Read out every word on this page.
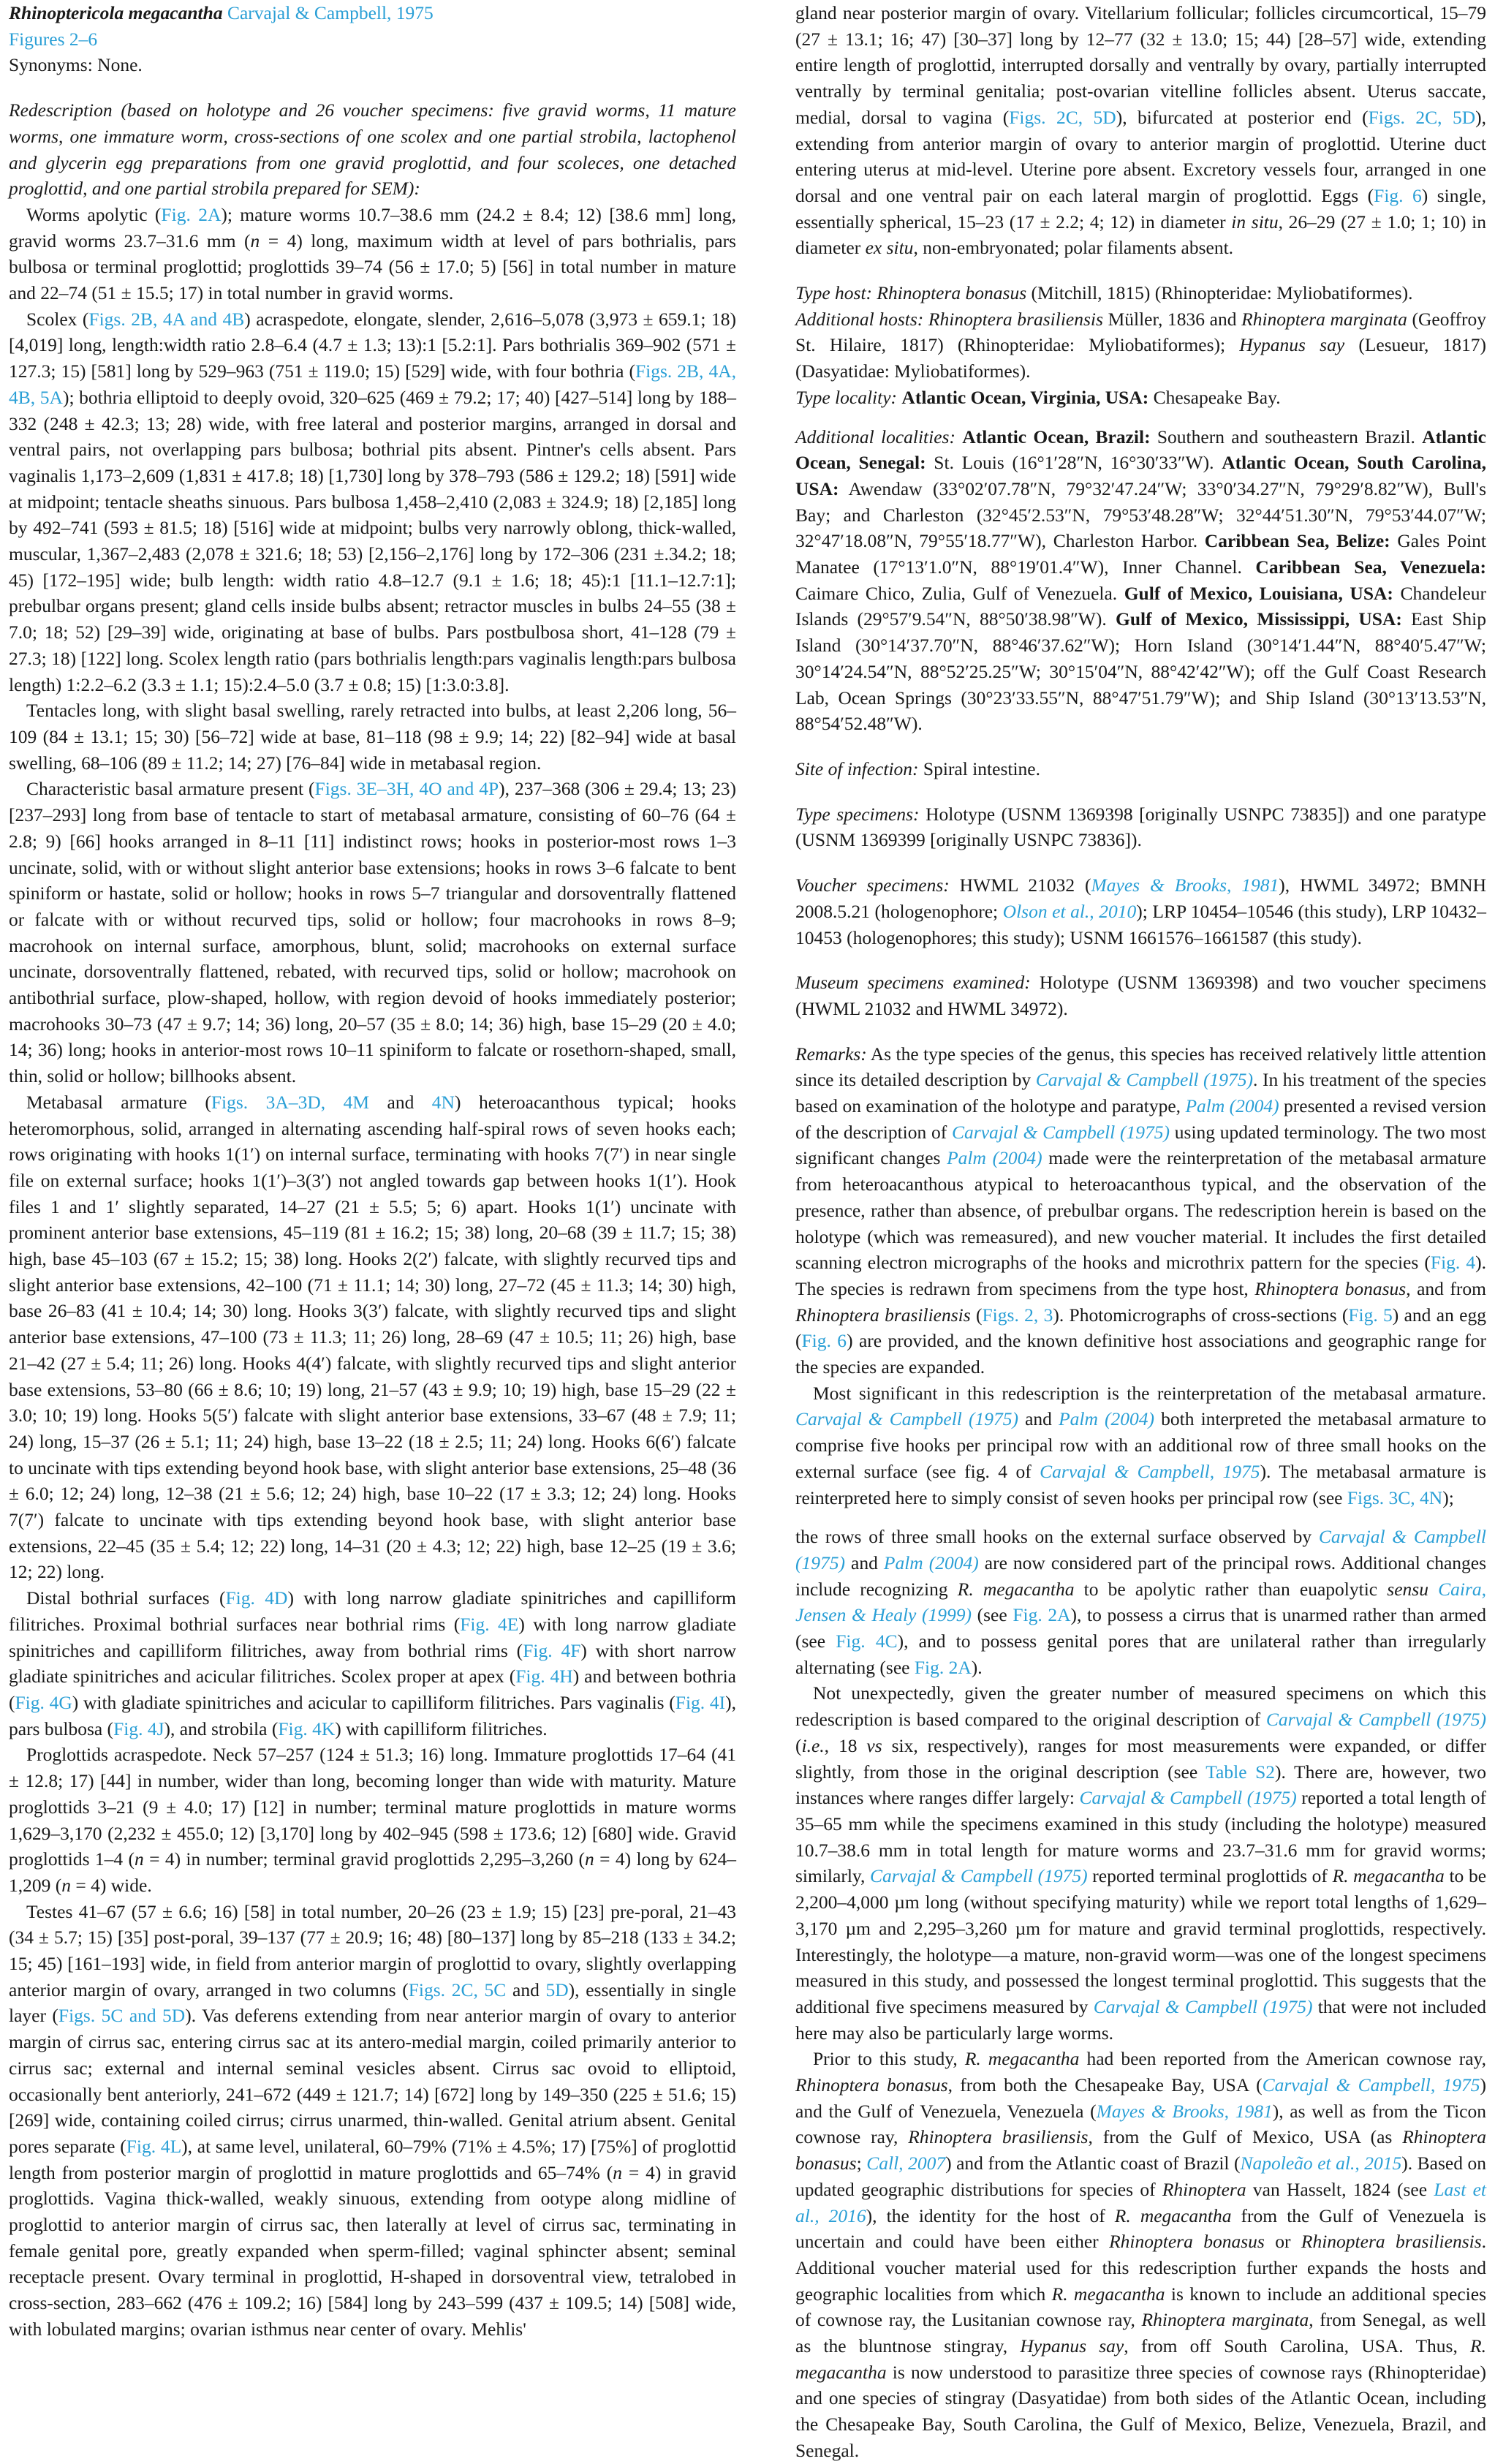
Rhinoptericola megacantha Carvajal & Campbell, 1975

Figures 2–6

Synonyms: None.

Redescription (based on holotype and 26 voucher specimens: five gravid worms, 11 mature worms, one immature worm, cross-sections of one scolex and one partial strobila, lactophenol and glycerin egg preparations from one gravid proglottid, and four scoleces, one detached proglottid, and one partial strobila prepared for SEM):

Worms apolytic (Fig. 2A); mature worms 10.7–38.6 mm (24.2 ± 8.4; 12) [38.6 mm] long, gravid worms 23.7–31.6 mm (n = 4) long, maximum width at level of pars bothrialis, pars bulbosa or terminal proglottid; proglottids 39–74 (56 ± 17.0; 5) [56] in total number in mature and 22–74 (51 ± 15.5; 17) in total number in gravid worms.

Scolex (Figs. 2B, 4A and 4B) acraspedote, elongate, slender, 2,616–5,078 (3,973 ± 659.1; 18) [4,019] long, length:width ratio 2.8–6.4 (4.7 ± 1.3; 13):1 [5.2:1]. Pars bothrialis 369–902 (571 ± 127.3; 15) [581] long by 529–963 (751 ± 119.0; 15) [529] wide, with four bothria (Figs. 2B, 4A, 4B, 5A); bothria elliptoid to deeply ovoid, 320–625 (469 ± 79.2; 17; 40) [427–514] long by 188–332 (248 ± 42.3; 13; 28) wide, with free lateral and posterior margins, arranged in dorsal and ventral pairs, not overlapping pars bulbosa; bothrial pits absent. Pintner's cells absent. Pars vaginalis 1,173–2,609 (1,831 ± 417.8; 18) [1,730] long by 378–793 (586 ± 129.2; 18) [591] wide at midpoint; tentacle sheaths sinuous. Pars bulbosa 1,458–2,410 (2,083 ± 324.9; 18) [2,185] long by 492–741 (593 ± 81.5; 18) [516] wide at midpoint; bulbs very narrowly oblong, thick-walled, muscular, 1,367–2,483 (2,078 ± 321.6; 18; 53) [2,156–2,176] long by 172–306 (231 ±.34.2; 18; 45) [172–195] wide; bulb length: width ratio 4.8–12.7 (9.1 ± 1.6; 18; 45):1 [11.1–12.7:1]; prebulbar organs present; gland cells inside bulbs absent; retractor muscles in bulbs 24–55 (38 ± 7.0; 18; 52) [29–39] wide, originating at base of bulbs. Pars postbulbosa short, 41–128 (79 ± 27.3; 18) [122] long. Scolex length ratio (pars bothrialis length:pars vaginalis length:pars bulbosa length) 1:2.2–6.2 (3.3 ± 1.1; 15):2.4–5.0 (3.7 ± 0.8; 15) [1:3.0:3.8].

Tentacles long, with slight basal swelling, rarely retracted into bulbs, at least 2,206 long, 56–109 (84 ± 13.1; 15; 30) [56–72] wide at base, 81–118 (98 ± 9.9; 14; 22) [82–94] wide at basal swelling, 68–106 (89 ± 11.2; 14; 27) [76–84] wide in metabasal region.

Characteristic basal armature present (Figs. 3E–3H, 4O and 4P), 237–368 (306 ± 29.4; 13; 23) [237–293] long from base of tentacle to start of metabasal armature, consisting of 60–76 (64 ± 2.8; 9) [66] hooks arranged in 8–11 [11] indistinct rows; hooks in posterior-most rows 1–3 uncinate, solid, with or without slight anterior base extensions; hooks in rows 3–6 falcate to bent spiniform or hastate, solid or hollow; hooks in rows 5–7 triangular and dorsoventrally flattened or falcate with or without recurved tips, solid or hollow; four macrohooks in rows 8–9; macrohook on internal surface, amorphous, blunt, solid; macrohooks on external surface uncinate, dorsoventrally flattened, rebated, with recurved tips, solid or hollow; macrohook on antibothrial surface, plow-shaped, hollow, with region devoid of hooks immediately posterior; macrohooks 30–73 (47 ± 9.7; 14; 36) long, 20–57 (35 ± 8.0; 14; 36) high, base 15–29 (20 ± 4.0; 14; 36) long; hooks in anterior-most rows 10–11 spiniform to falcate or rosethorn-shaped, small, thin, solid or hollow; billhooks absent.

Metabasal armature (Figs. 3A–3D, 4M and 4N) heteroacanthous typical; hooks heteromorphous, solid, arranged in alternating ascending half-spiral rows of seven hooks each; rows originating with hooks 1(1′) on internal surface, terminating with hooks 7(7′) in near single file on external surface; hooks 1(1′)–3(3′) not angled towards gap between hooks 1(1′). Hook files 1 and 1′ slightly separated, 14–27 (21 ± 5.5; 5; 6) apart. Hooks 1(1′) uncinate with prominent anterior base extensions, 45–119 (81 ± 16.2; 15; 38) long, 20–68 (39 ± 11.7; 15; 38) high, base 45–103 (67 ± 15.2; 15; 38) long. Hooks 2(2′) falcate, with slightly recurved tips and slight anterior base extensions, 42–100 (71 ± 11.1; 14; 30) long, 27–72 (45 ± 11.3; 14; 30) high, base 26–83 (41 ± 10.4; 14; 30) long. Hooks 3(3′) falcate, with slightly recurved tips and slight anterior base extensions, 47–100 (73 ± 11.3; 11; 26) long, 28–69 (47 ± 10.5; 11; 26) high, base 21–42 (27 ± 5.4; 11; 26) long. Hooks 4(4′) falcate, with slightly recurved tips and slight anterior base extensions, 53–80 (66 ± 8.6; 10; 19) long, 21–57 (43 ± 9.9; 10; 19) high, base 15–29 (22 ± 3.0; 10; 19) long. Hooks 5(5′) falcate with slight anterior base extensions, 33–67 (48 ± 7.9; 11; 24) long, 15–37 (26 ± 5.1; 11; 24) high, base 13–22 (18 ± 2.5; 11; 24) long. Hooks 6(6′) falcate to uncinate with tips extending beyond hook base, with slight anterior base extensions, 25–48 (36 ± 6.0; 12; 24) long, 12–38 (21 ± 5.6; 12; 24) high, base 10–22 (17 ± 3.3; 12; 24) long. Hooks 7(7′) falcate to uncinate with tips extending beyond hook base, with slight anterior base extensions, 22–45 (35 ± 5.4; 12; 22) long, 14–31 (20 ± 4.3; 12; 22) high, base 12–25 (19 ± 3.6; 12; 22) long.

Distal bothrial surfaces (Fig. 4D) with long narrow gladiate spinitriches and capilliform filitriches. Proximal bothrial surfaces near bothrial rims (Fig. 4E) with long narrow gladiate spinitriches and capilliform filitriches, away from bothrial rims (Fig. 4F) with short narrow gladiate spinitriches and acicular filitriches. Scolex proper at apex (Fig. 4H) and between bothria (Fig. 4G) with gladiate spinitriches and acicular to capilliform filitriches. Pars vaginalis (Fig. 4I), pars bulbosa (Fig. 4J), and strobila (Fig. 4K) with capilliform filitriches.

Proglottids acraspedote. Neck 57–257 (124 ± 51.3; 16) long. Immature proglottids 17–64 (41 ± 12.8; 17) [44] in number, wider than long, becoming longer than wide with maturity. Mature proglottids 3–21 (9 ± 4.0; 17) [12] in number; terminal mature proglottids in mature worms 1,629–3,170 (2,232 ± 455.0; 12) [3,170] long by 402–945 (598 ± 173.6; 12) [680] wide. Gravid proglottids 1–4 (n = 4) in number; terminal gravid proglottids 2,295–3,260 (n = 4) long by 624–1,209 (n = 4) wide.

Testes 41–67 (57 ± 6.6; 16) [58] in total number, 20–26 (23 ± 1.9; 15) [23] pre-poral, 21–43 (34 ± 5.7; 15) [35] post-poral, 39–137 (77 ± 20.9; 16; 48) [80–137] long by 85–218 (133 ± 34.2; 15; 45) [161–193] wide, in field from anterior margin of proglottid to ovary, slightly overlapping anterior margin of ovary, arranged in two columns (Figs. 2C, 5C and 5D), essentially in single layer (Figs. 5C and 5D). Vas deferens extending from near anterior margin of ovary to anterior margin of cirrus sac, entering cirrus sac at its antero-medial margin, coiled primarily anterior to cirrus sac; external and internal seminal vesicles absent. Cirrus sac ovoid to elliptoid, occasionally bent anteriorly, 241–672 (449 ± 121.7; 14) [672] long by 149–350 (225 ± 51.6; 15) [269] wide, containing coiled cirrus; cirrus unarmed, thin-walled. Genital atrium absent. Genital pores separate (Fig. 4L), at same level, unilateral, 60–79% (71% ± 4.5%; 17) [75%] of proglottid length from posterior margin of proglottid in mature proglottids and 65–74% (n = 4) in gravid proglottids. Vagina thick-walled, weakly sinuous, extending from ootype along midline of proglottid to anterior margin of cirrus sac, then laterally at level of cirrus sac, terminating in female genital pore, greatly expanded when sperm-filled; vaginal sphincter absent; seminal receptacle present. Ovary terminal in proglottid, H-shaped in dorsoventral view, tetralobed in cross-section, 283–662 (476 ± 109.2; 16) [584] long by 243–599 (437 ± 109.5; 14) [508] wide, with lobulated margins; ovarian isthmus near center of ovary. Mehlis'

gland near posterior margin of ovary. Vitellarium follicular; follicles circumcortical, 15–79 (27 ± 13.1; 16; 47) [30–37] long by 12–77 (32 ± 13.0; 15; 44) [28–57] wide, extending entire length of proglottid, interrupted dorsally and ventrally by ovary, partially interrupted ventrally by terminal genitalia; post-ovarian vitelline follicles absent. Uterus saccate, medial, dorsal to vagina (Figs. 2C, 5D), bifurcated at posterior end (Figs. 2C, 5D), extending from anterior margin of ovary to anterior margin of proglottid. Uterine duct entering uterus at mid-level. Uterine pore absent. Excretory vessels four, arranged in one dorsal and one ventral pair on each lateral margin of proglottid. Eggs (Fig. 6) single, essentially spherical, 15–23 (17 ± 2.2; 4; 12) in diameter in situ, 26–29 (27 ± 1.0; 1; 10) in diameter ex situ, non-embryonated; polar filaments absent.

Type host: Rhinoptera bonasus (Mitchill, 1815) (Rhinopteridae: Myliobatiformes).

Additional hosts: Rhinoptera brasiliensis Müller, 1836 and Rhinoptera marginata (Geoffroy St. Hilaire, 1817) (Rhinopteridae: Myliobatiformes); Hypanus say (Lesueur, 1817) (Dasyatidae: Myliobatiformes).

Type locality: Atlantic Ocean, Virginia, USA: Chesapeake Bay.

Additional localities: Atlantic Ocean, Brazil: Southern and southeastern Brazil. Atlantic Ocean, Senegal: St. Louis (16°1′28″N, 16°30′33″W). Atlantic Ocean, South Carolina, USA: Awendaw (33°02′07.78″N, 79°32′47.24″W; 33°0′34.27″N, 79°29′8.82″W), Bull's Bay; and Charleston (32°45′2.53″N, 79°53′48.28″W; 32°44′51.30″N, 79°53′44.07″W; 32°47′18.08″N, 79°55′18.77″W), Charleston Harbor. Caribbean Sea, Belize: Gales Point Manatee (17°13′1.0″N, 88°19′01.4″W), Inner Channel. Caribbean Sea, Venezuela: Caimare Chico, Zulia, Gulf of Venezuela. Gulf of Mexico, Louisiana, USA: Chandeleur Islands (29°57′9.54″N, 88°50′38.98″W). Gulf of Mexico, Mississippi, USA: East Ship Island (30°14′37.70″N, 88°46′37.62″W); Horn Island (30°14′1.44″N, 88°40′5.47″W; 30°14′24.54″N, 88°52′25.25″W; 30°15′04″N, 88°42′42″W); off the Gulf Coast Research Lab, Ocean Springs (30°23′33.55″N, 88°47′51.79″W); and Ship Island (30°13′13.53″N, 88°54′52.48″W).

Site of infection: Spiral intestine.

Type specimens: Holotype (USNM 1369398 [originally USNPC 73835]) and one paratype (USNM 1369399 [originally USNPC 73836]).

Voucher specimens: HWML 21032 (Mayes & Brooks, 1981), HWML 34972; BMNH 2008.5.21 (hologenophore; Olson et al., 2010); LRP 10454–10546 (this study), LRP 10432–10453 (hologenophores; this study); USNM 1661576–1661587 (this study).

Museum specimens examined: Holotype (USNM 1369398) and two voucher specimens (HWML 21032 and HWML 34972).

Remarks: As the type species of the genus, this species has received relatively little attention since its detailed description by Carvajal & Campbell (1975). In his treatment of the species based on examination of the holotype and paratype, Palm (2004) presented a revised version of the description of Carvajal & Campbell (1975) using updated terminology. The two most significant changes Palm (2004) made were the reinterpretation of the metabasal armature from heteroacanthous atypical to heteroacanthous typical, and the observation of the presence, rather than absence, of prebulbar organs. The redescription herein is based on the holotype (which was remeasured), and new voucher material. It includes the first detailed scanning electron micrographs of the hooks and microthrix pattern for the species (Fig. 4). The species is redrawn from specimens from the type host, Rhinoptera bonasus, and from Rhinoptera brasiliensis (Figs. 2, 3). Photomicrographs of cross-sections (Fig. 5) and an egg (Fig. 6) are provided, and the known definitive host associations and geographic range for the species are expanded.

Most significant in this redescription is the reinterpretation of the metabasal armature. Carvajal & Campbell (1975) and Palm (2004) both interpreted the metabasal armature to comprise five hooks per principal row with an additional row of three small hooks on the external surface (see fig. 4 of Carvajal & Campbell, 1975). The metabasal armature is reinterpreted here to simply consist of seven hooks per principal row (see Figs. 3C, 4N);

the rows of three small hooks on the external surface observed by Carvajal & Campbell (1975) and Palm (2004) are now considered part of the principal rows. Additional changes include recognizing R. megacantha to be apolytic rather than euapolytic sensu Caira, Jensen & Healy (1999) (see Fig. 2A), to possess a cirrus that is unarmed rather than armed (see Fig. 4C), and to possess genital pores that are unilateral rather than irregularly alternating (see Fig. 2A).

Not unexpectedly, given the greater number of measured specimens on which this redescription is based compared to the original description of Carvajal & Campbell (1975) (i.e., 18 vs six, respectively), ranges for most measurements were expanded, or differ slightly, from those in the original description (see Table S2). There are, however, two instances where ranges differ largely: Carvajal & Campbell (1975) reported a total length of 35–65 mm while the specimens examined in this study (including the holotype) measured 10.7–38.6 mm in total length for mature worms and 23.7–31.6 mm for gravid worms; similarly, Carvajal & Campbell (1975) reported terminal proglottids of R. megacantha to be 2,200–4,000 µm long (without specifying maturity) while we report total lengths of 1,629–3,170 µm and 2,295–3,260 µm for mature and gravid terminal proglottids, respectively. Interestingly, the holotype—a mature, non-gravid worm—was one of the longest specimens measured in this study, and possessed the longest terminal proglottid. This suggests that the additional five specimens measured by Carvajal & Campbell (1975) that were not included here may also be particularly large worms.

Prior to this study, R. megacantha had been reported from the American cownose ray, Rhinoptera bonasus, from both the Chesapeake Bay, USA (Carvajal & Campbell, 1975) and the Gulf of Venezuela, Venezuela (Mayes & Brooks, 1981), as well as from the Ticon cownose ray, Rhinoptera brasiliensis, from the Gulf of Mexico, USA (as Rhinoptera bonasus; Call, 2007) and from the Atlantic coast of Brazil (Napoleão et al., 2015). Based on updated geographic distributions for species of Rhinoptera van Hasselt, 1824 (see Last et al., 2016), the identity for the host of R. megacantha from the Gulf of Venezuela is uncertain and could have been either Rhinoptera bonasus or Rhinoptera brasiliensis. Additional voucher material used for this redescription further expands the hosts and geographic localities from which R. megacantha is known to include an additional species of cownose ray, the Lusitanian cownose ray, Rhinoptera marginata, from Senegal, as well as the bluntnose stingray, Hypanus say, from off South Carolina, USA. Thus, R. megacantha is now understood to parasitize three species of cownose rays (Rhinopteridae) and one species of stingray (Dasyatidae) from both sides of the Atlantic Ocean, including the Chesapeake Bay, South Carolina, the Gulf of Mexico, Belize, Venezuela, Brazil, and Senegal.
